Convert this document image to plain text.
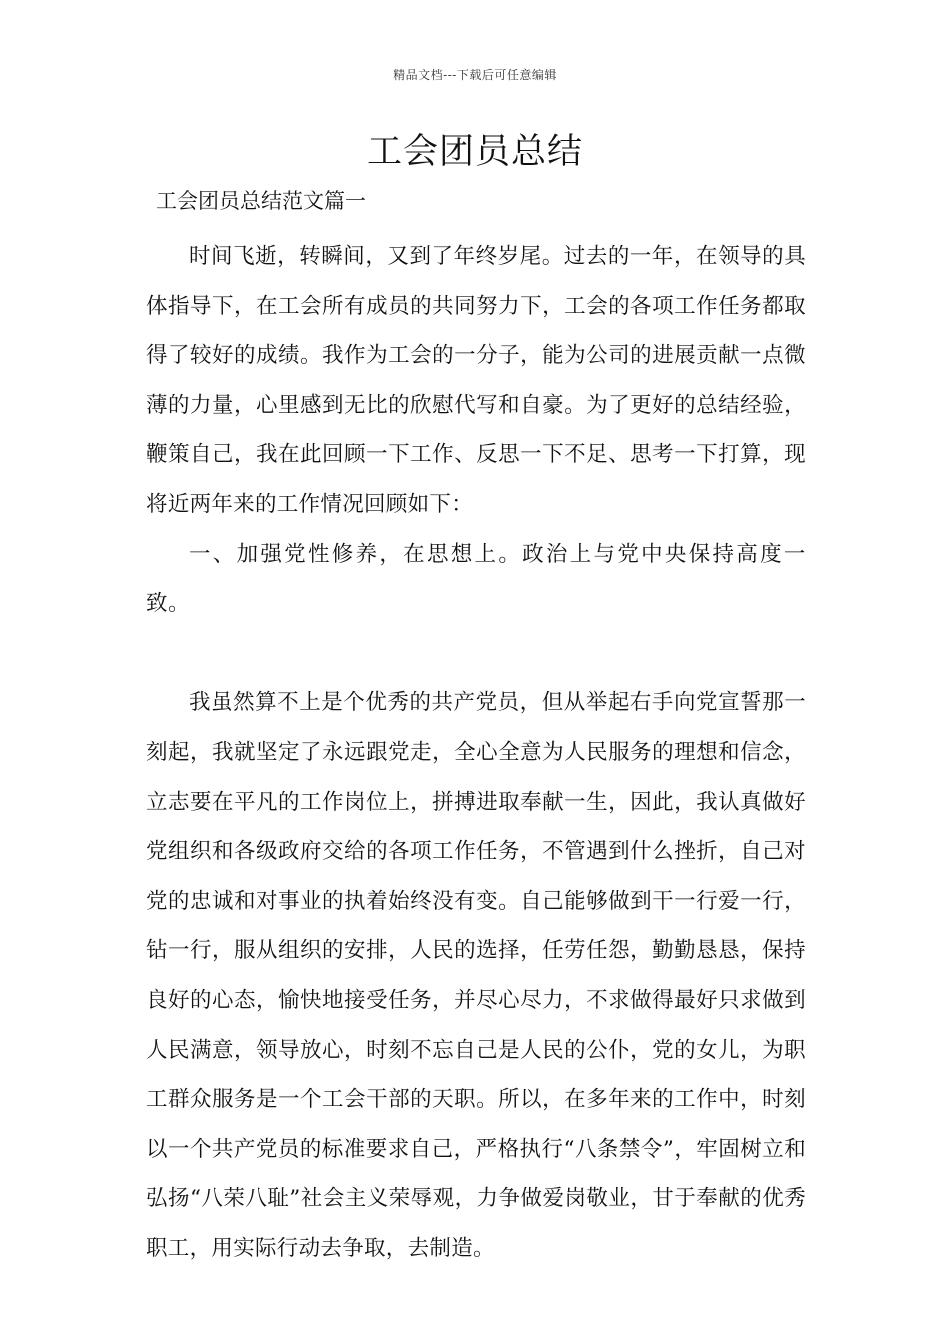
精品文档---下载后可任意编辑
工会团员总结

工会团员总结范文篇一

时间飞逝，转瞬间，又到了年终岁尾。过去的一年，在领导的具体指导下，在工会所有成员的共同努力下，工会的各项工作任务都取得了较好的成绩。我作为工会的一分子，能为公司的进展贡献一点微薄的力量，心里感到无比的欣慰代写和自豪。为了更好的总结经验，鞭策自己，我在此回顾一下工作、反思一下不足、思考一下打算，现将近两年来的工作情况回顾如下：

一、加强党性修养，在思想上。政治上与党中央保持高度一致。

我虽然算不上是个优秀的共产党员，但从举起右手向党宣誓那一刻起，我就坚定了永远跟党走，全心全意为人民服务的理想和信念，立志要在平凡的工作岗位上，拼搏进取奉献一生，因此，我认真做好党组织和各级政府交给的各项工作任务，不管遇到什么挫折，自己对党的忠诚和对事业的执着始终没有变。自己能够做到干一行爱一行，钻一行，服从组织的安排，人民的选择，任劳任怨，勤勤恳恳，保持良好的心态，愉快地接受任务，并尽心尽力，不求做得最好只求做到人民满意，领导放心，时刻不忘自己是人民的公仆，党的女儿，为职工群众服务是一个工会干部的天职。所以，在多年来的工作中，时刻以一个共产党员的标准要求自己，严格执行“八条禁令”，牢固树立和弘扬“八荣八耻”社会主义荣辱观，力争做爱岗敬业，甘于奉献的优秀职工，用实际行动去争取，去制造。
